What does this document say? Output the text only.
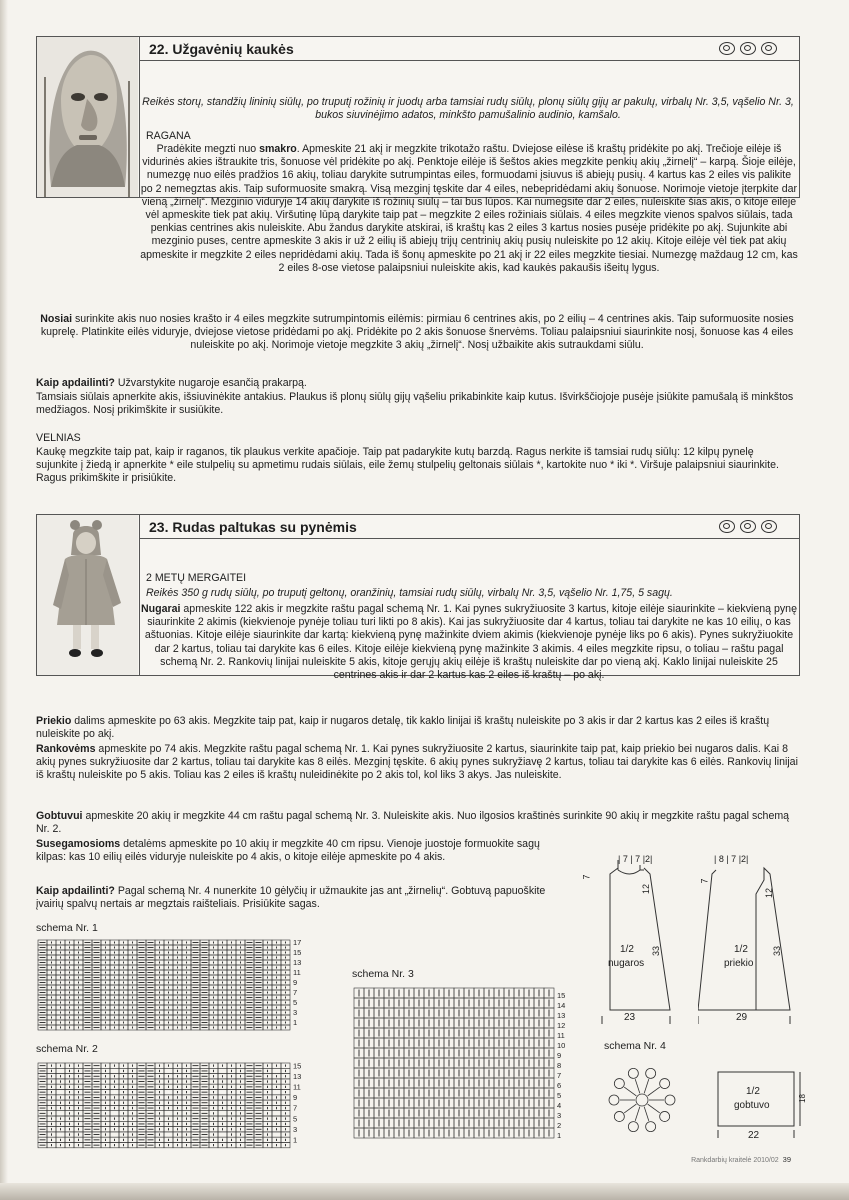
22. Užgavėnių kaukės

Reikės storų, standžių lininių siūlų, po truputį rožinių ir juodų arba tamsiai rudų siūlų, plonų siūlų gijų ar pakulų, virbalų Nr. 3,5, vąšelio Nr. 3, bukos siuvinėjimo adatos, minkšto pamušalinio audinio, kamšalo.

RAGANA

Pradėkite megzti nuo smakro. Apmeskite 21 akį ir megzkite trikotažo raštu. Dviejose eilėse iš kraštų pridėkite po akį. Trečioje eilėje iš vidurinės akies ištraukite tris, šonuose vėl pridėkite po akį. Penktoje eilėje iš šeštos akies megzkite penkių akių „žirnelį“ – karpą. Šioje eilėje, numezgę nuo eilės pradžios 16 akių, toliau darykite sutrumpintas eiles, formuodami įsiuvus iš abiejų pusių. 4 kartus kas 2 eiles vis palikite po 2 nemegztas akis. Taip suformuosite smakrą. Visą mezginį tęskite dar 4 eiles, nebepridėdami akių šonuose. Norimoje vietoje įterpkite dar vieną „žirnelį“. Mezginio viduryje 14 akių darykite iš rožinių siūlų – tai bus lūpos. Kai numegsite dar 2 eiles, nuleiskite šias akis, o kitoje eilėje vėl apmeskite tiek pat akių. Viršutinę lūpą darykite taip pat – megzkite 2 eiles rožiniais siūlais. 4 eiles megzkite vienos spalvos siūlais, tada penkias centrines akis nuleiskite. Abu žandus darykite atskirai, iš kraštų kas 2 eiles 3 kartus nosies pusėje pridėkite po akį. Sujunkite abi mezginio puses, centre apmeskite 3 akis ir už 2 eilių iš abiejų trijų centrinių akių pusių nuleiskite po 12 akių. Kitoje eilėje vėl tiek pat akių apmeskite ir megzkite 2 eiles nepridėdami akių. Tada iš šonų apmeskite po 21 akį ir 22 eiles megzkite tiesiai. Numezgę maždaug 12 cm, kas 2 eiles 8-ose vietose palaipsniui nuleiskite akis, kad kaukės pakaušis išeitų lygus.

Nosiai surinkite akis nuo nosies krašto ir 4 eiles megzkite sutrumpintomis eilėmis: pirmiau 6 centrines akis, po 2 eilių – 4 centrines akis. Taip suformuosite nosies kuprelę. Platinkite eilės viduryje, dviejose vietose pridėdami po akį. Pridėkite po 2 akis šonuose šnervėms. Toliau palaipsniui siaurinkite nosį, šonuose kas 4 eiles nuleiskite po akį. Norimoje vietoje megzkite 3 akių „žirnelį“. Nosį užbaikite akis sutraukdami siūlu.

Kaip apdailinti? Užvarstykite nugaroje esančią prakarpą.

Tamsiais siūlais apnerkite akis, išsiuvinėkite antakius. Plaukus iš plonų siūlų gijų vąšeliu prikabinkite kaip kutus. Išvirkščiojoje pusėje įsiūkite pamušalą iš minkštos medžiagos. Nosį prikimškite ir susiūkite.

VELNIAS

Kaukę megzkite taip pat, kaip ir raganos, tik plaukus verkite apačioje. Taip pat padarykite kutų barzdą. Ragus nerkite iš tamsiai rudų siūlų: 12 kilpų pynelę sujunkite į žiedą ir apnerkite * eile stulpelių su apmetimu rudais siūlais, eile žemų stulpelių geltonais siūlais *, kartokite nuo * iki *. Viršuje palaipsniui siaurinkite. Ragus prikimškite ir prisiūkite.

23. Rudas paltukas su pynėmis

2 METŲ MERGAITEI

Reikės 350 g rudų siūlų, po truputį geltonų, oranžinių, tamsiai rudų siūlų, virbalų Nr. 3,5, vąšelio Nr. 1,75, 5 sagų.

Nugarai apmeskite 122 akis ir megzkite raštu pagal schemą Nr. 1. Kai pynes sukryžiuosite 3 kartus, kitoje eilėje siaurinkite – kiekvieną pynę siaurinkite 2 akimis (kiekvienoje pynėje toliau turi likti po 8 akis). Kai jas sukryžiuosite dar 4 kartus, toliau tai darykite ne kas 10 eilių, o kas aštuonias. Kitoje eilėje siaurinkite dar kartą: kiekvieną pynę mažinkite dviem akimis (kiekvienoje pynėje liks po 6 akis). Pynes sukryžiuokite dar 2 kartus, toliau tai darykite kas 6 eiles. Kitoje eilėje kiekvieną pynę mažinkite 3 akimis. 4 eiles megzkite ripsu, o toliau – raštu pagal schemą Nr. 2. Rankovių linijai nuleiskite 5 akis, kitoje gerųjų akių eilėje iš kraštų nuleiskite dar po vieną akį. Kaklo linijai nuleiskite 25 centrines akis ir dar 2 kartus kas 2 eiles iš kraštų – po akį.

Priekio dalims apmeskite po 63 akis. Megzkite taip pat, kaip ir nugaros detalę, tik kaklo linijai iš kraštų nuleiskite po 3 akis ir dar 2 kartus kas 2 eiles iš kraštų nuleiskite po akį.

Rankovėms apmeskite po 74 akis. Megzkite raštu pagal schemą Nr. 1. Kai pynes sukryžiuosite 2 kartus, siaurinkite taip pat, kaip priekio bei nugaros dalis. Kai 8 akių pynes sukryžiuosite dar 2 kartus, toliau tai darykite kas 8 eilės. Mezginį tęskite. 6 akių pynes sukryžiavę 2 kartus, toliau tai darykite kas 6 eilės. Rankovių linijai iš kraštų nuleiskite po 5 akis. Toliau kas 2 eiles iš kraštų nuleidinėkite po 2 akis tol, kol liks 3 akys. Jas nuleiskite.

Gobtuvui apmeskite 20 akių ir megzkite 44 cm raštu pagal schemą Nr. 3. Nuleiskite akis. Nuo ilgosios kraštinės surinkite 90 akių ir megzkite raštu pagal schemą Nr. 2.

Susegamosioms detalėms apmeskite po 10 akių ir megzkite 40 cm ripsu. Vienoje juostoje formuokite sagų kilpas: kas 10 eilių eilės viduryje nuleiskite po 4 akis, o kitoje eilėje apmeskite po 4 akis.

Kaip apdailinti? Pagal schemą Nr. 4 nunerkite 10 gėlyčių ir užmaukite jas ant „žirnelių“. Gobtuvą papuoškite įvairių spalvų nertais ar megztais raišteliais. Prisiūkite sagas.

schema Nr. 1
17
15
13
11
9
7
5
3
1
schema Nr. 2
15
13
11
9
7
5
3
1
schema Nr. 3
15
14
13
12
11
10
9
8
7
6
5
4
3
2
1
| 7 | 7 |2|
7
12
33
1/2
nugaros
23
| 8 | 7 |2|
7
12
33
1/2
priekio
29
schema Nr. 4
1/2
gobtuvo
18
22
Rankdarbių kraitelė 2010/02 39
